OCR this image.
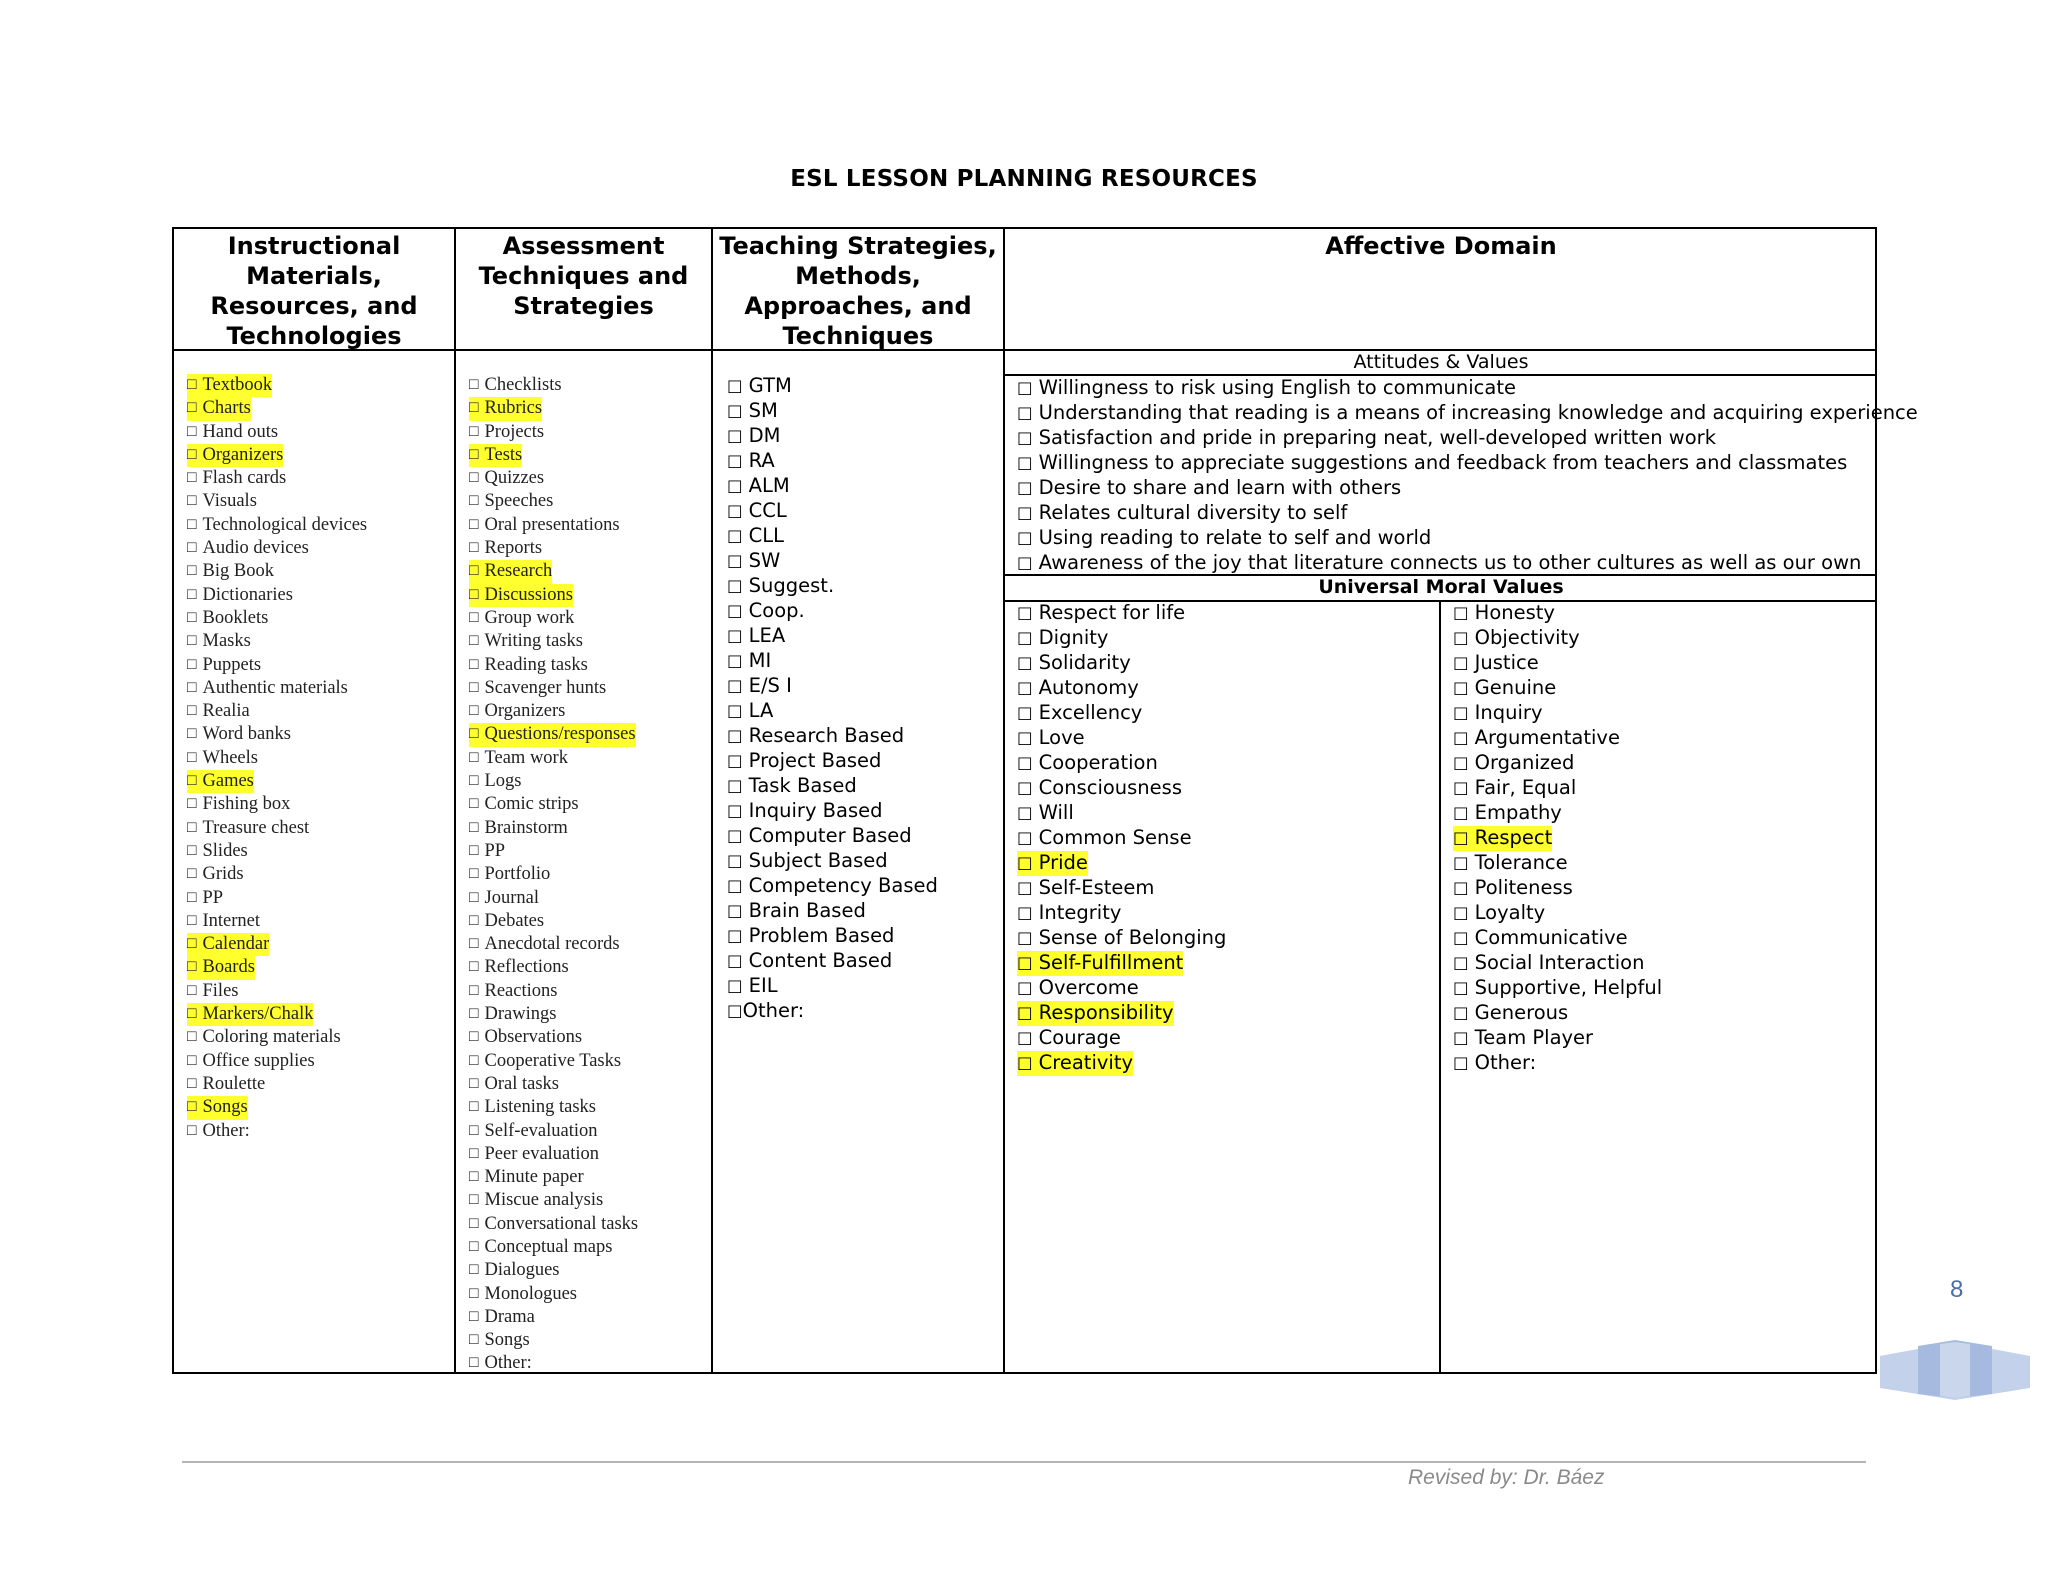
ESL LESSON PLANNING RESOURCES
Instructional Materials, Resources, and Technologies
Assessment Techniques and Strategies
Teaching Strategies, Methods, Approaches, and Techniques
Affective Domain
Attitudes & Values
Universal Moral Values
□ Textbook
□ Charts
□ Hand outs
□ Organizers
□ Flash cards
□ Visuals
□ Technological devices
□ Audio devices
□ Big Book
□ Dictionaries
□ Booklets
□ Masks
□ Puppets
□ Authentic materials
□ Realia
□ Word banks
□ Wheels
□ Games
□ Fishing box
□ Treasure chest
□ Slides
□ Grids
□ PP
□ Internet
□ Calendar
□ Boards
□ Files
□ Markers/Chalk
□ Coloring materials
□ Office supplies
□ Roulette
□ Songs
□ Other:
□ Checklists
□ Rubrics
□ Projects
□ Tests
□ Quizzes
□ Speeches
□ Oral presentations
□ Reports
□ Research
□ Discussions
□ Group work
□ Writing tasks
□ Reading tasks
□ Scavenger hunts
□ Organizers
□ Questions/responses
□ Team work
□ Logs
□ Comic strips
□ Brainstorm
□ PP
□ Portfolio
□ Journal
□ Debates
□ Anecdotal records
□ Reflections
□ Reactions
□ Drawings
□ Observations
□ Cooperative Tasks
□ Oral tasks
□ Listening tasks
□ Self-evaluation
□ Peer evaluation
□ Minute paper
□ Miscue analysis
□ Conversational tasks
□ Conceptual maps
□ Dialogues
□ Monologues
□ Drama
□ Songs
□ Other:
□ GTM
□ SM
□ DM
□ RA
□ ALM
□ CCL
□ CLL
□ SW
□ Suggest.
□ Coop.
□ LEA
□ MI
□ E/S I
□ LA
□ Research Based
□ Project Based
□ Task Based
□ Inquiry Based
□ Computer Based
□ Subject Based
□ Competency Based
□ Brain Based
□ Problem Based
□ Content Based
□ EIL
□Other:
□ Willingness to risk using English to communicate
□ Understanding that reading is a means of increasing knowledge and acquiring experience
□ Satisfaction and pride in preparing neat, well-developed written work
□ Willingness to appreciate suggestions and feedback from teachers and classmates
□ Desire to share and learn with others
□ Relates cultural diversity to self
□ Using reading to relate to self and world
□ Awareness of the joy that literature connects us to other cultures as well as our own
□ Respect for life
□ Dignity
□ Solidarity
□ Autonomy
□ Excellency
□ Love
□ Cooperation
□ Consciousness
□ Will
□ Common Sense
□ Pride
□ Self-Esteem
□ Integrity
□ Sense of Belonging
□ Self-Fulfillment
□ Overcome
□ Responsibility
□ Courage
□ Creativity
□ Honesty
□ Objectivity
□ Justice
□ Genuine
□ Inquiry
□ Argumentative
□ Organized
□ Fair, Equal
□ Empathy
□ Respect
□ Tolerance
□ Politeness
□ Loyalty
□ Communicative
□ Social Interaction
□ Supportive, Helpful
□ Generous
□ Team Player
□ Other:
8
Revised by: Dr. Báez
